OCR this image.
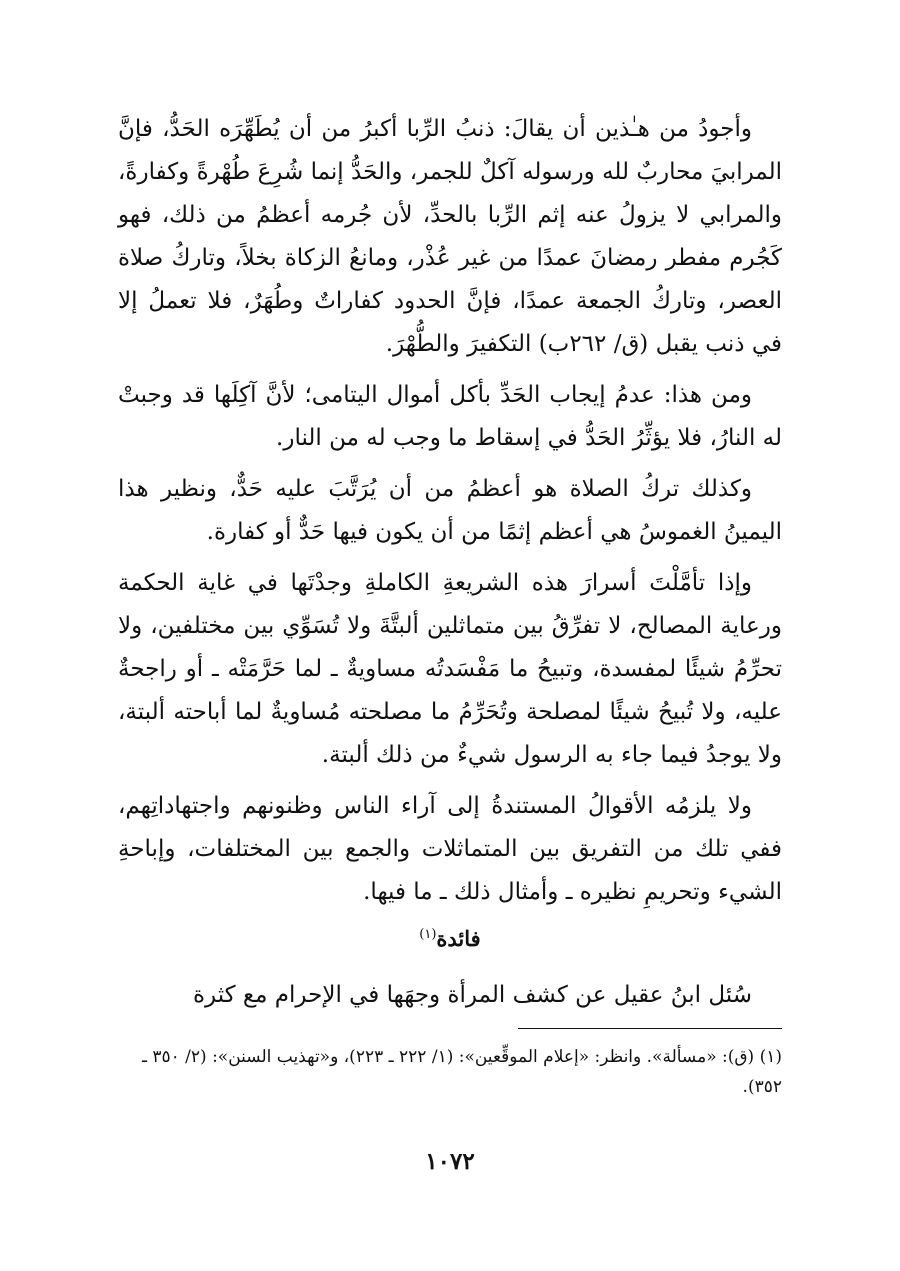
وأجودُ من هـٰذين أن يقالَ: ذنبُ الرِّبا أكبرُ من أن يُطَهِّرَه الحَدُّ، فإنَّ المرابيَ محاربٌ لله ورسوله آكلٌ للجمر، والحَدُّ إنما شُرِعَ طُهْرةً وكفارةً، والمرابي لا يزولُ عنه إثم الرِّبا بالحدِّ، لأن جُرمه أعظمُ من ذلك، فهو كَجُرم مفطر رمضانَ عمدًا من غير عُذْر، ومانعُ الزكاة بخلاً، وتاركُ صلاة العصر، وتاركُ الجمعة عمدًا، فإنَّ الحدود كفاراتٌ وطُهَرٌ، فلا تعملُ إلا في ذنب يقبل (ق/ ٢٦٢ب) التكفيرَ والطُّهْرَ.

ومن هذا: عدمُ إيجاب الحَدِّ بأكل أموال اليتامى؛ لأنَّ آكِلَها قد وجبتْ له النارُ، فلا يؤثِّرُ الحَدُّ في إسقاط ما وجب له من النار.

وكذلك تركُ الصلاة هو أعظمُ من أن يُرَتَّبَ عليه حَدٌّ، ونظير هذا اليمينُ الغموسُ هي أعظم إثمًا من أن يكون فيها حَدٌّ أو كفارة.

وإذا تأمَّلْتَ أسرارَ هذه الشريعةِ الكاملةِ وجدْتَها في غاية الحكمة ورعاية المصالح، لا تفرِّقُ بين متماثلين ألبتَّةَ ولا تُسَوِّي بين مختلفين، ولا تحرِّمُ شيئًا لمفسدة، وتبيحُ ما مَفْسَدتُه مساويةٌ ـ لما حَرَّمَتْه ـ أو راجحةٌ عليه، ولا تُبيحُ شيئًا لمصلحة وتُحَرِّمُ ما مصلحته مُساويةٌ لما أباحته ألبتة، ولا يوجدُ فيما جاء به الرسول شيءٌ من ذلك ألبتة.

ولا يلزمُه الأقوالُ المستندةُ إلى آراء الناس وظنونهم واجتهاداتِهم، ففي تلك من التفريق بين المتماثلات والجمع بين المختلفات، وإباحةِ الشيء وتحريمِ نظيره ـ وأمثال ذلك ـ ما فيها.

فائدة$^{(١)}$

سُئل ابنُ عقيل عن كشف المرأة وجهَها في الإحرام مع كثرة

(١) (ق): «مسألة». وانظر: «إعلام الموقِّعين»: (١/ ٢٢٢ ـ ٢٢٣)، و«تهذيب السنن»: (٢/ ٣٥٠ ـ ٣٥٢).
١٠٧٢
